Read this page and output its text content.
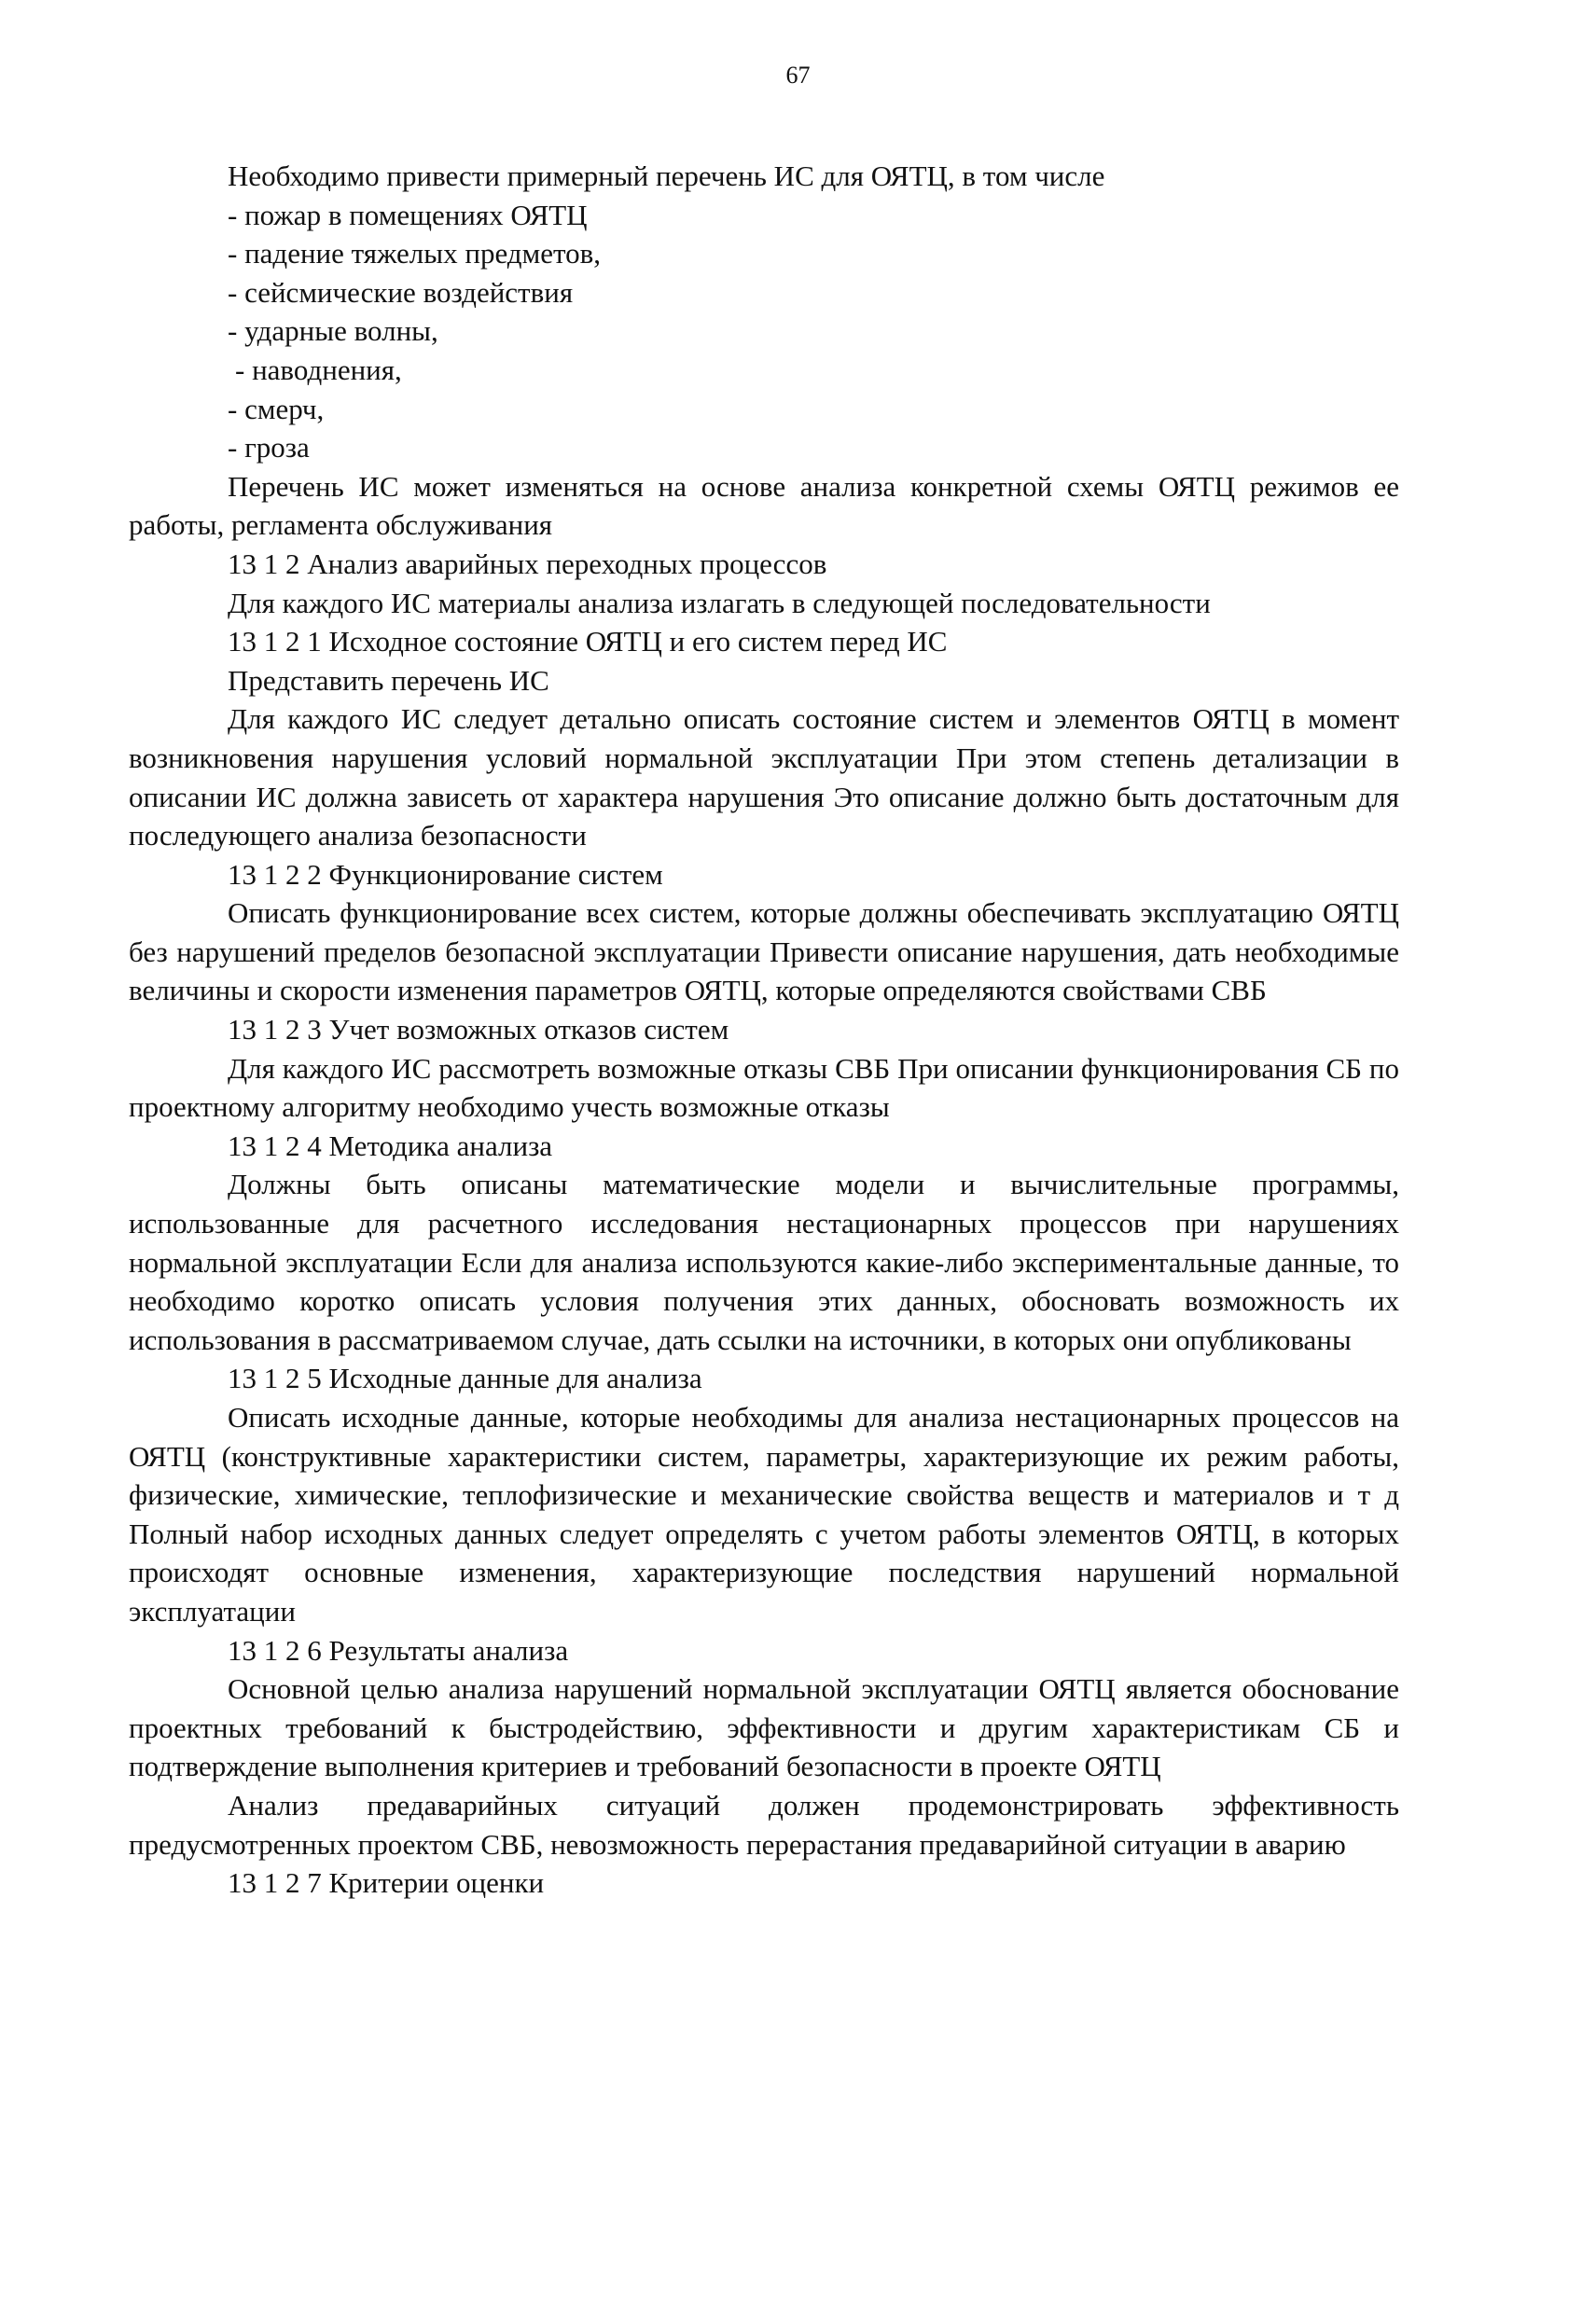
67
Необходимо привести примерный перечень ИС для ОЯТЦ, в том числе
- пожар в помещениях ОЯТЦ
- падение тяжелых предметов,
- сейсмические воздействия
- ударные волны,
- наводнения,
- смерч,
- гроза

Перечень ИС может изменяться на основе анализа конкретной схемы ОЯТЦ режимов ее работы, регламента обслуживания

13 1 2 Анализ аварийных переходных процессов
Для каждого ИС материалы анализа излагать в следующей последовательности
13 1 2 1 Исходное состояние ОЯТЦ и его систем перед ИС
Представить перечень ИС

Для каждого ИС следует детально описать состояние систем и элементов ОЯТЦ в момент возникновения нарушения условий нормальной эксплуатации При этом степень детализации в описании ИС должна зависеть от характера нарушения Это описание должно быть достаточным для последующего анализа безопасности

13 1 2 2 Функционирование систем

Описать функционирование всех систем, которые должны обеспечивать эксплуатацию ОЯТЦ без нарушений пределов безопасной эксплуатации Привести описание нарушения, дать необходимые величины и скорости изменения параметров ОЯТЦ, которые определяются свойствами СВБ

13 1 2 3 Учет возможных отказов систем

Для каждого ИС рассмотреть возможные отказы СВБ При описании функционирования СБ по проектному алгоритму необходимо учесть возможные отказы

13 1 2 4 Методика анализа

Должны быть описаны математические модели и вычислительные программы, использованные для расчетного исследования нестационарных процессов при нарушениях нормальной эксплуатации Если для анализа используются какие-либо экспериментальные данные, то необходимо коротко описать условия получения этих данных, обосновать возможность их использования в рассматриваемом случае, дать ссылки на источники, в которых они опубликованы

13 1 2 5 Исходные данные для анализа

Описать исходные данные, которые необходимы для анализа нестационарных процессов на ОЯТЦ (конструктивные характеристики систем, параметры, характеризующие их режим работы, физические, химические, теплофизические и механические свойства веществ и материалов и т д Полный набор исходных данных следует определять с учетом работы элементов ОЯТЦ, в которых происходят основные изменения, характеризующие последствия нарушений нормальной эксплуатации

13 1 2 6 Результаты анализа

Основной целью анализа нарушений нормальной эксплуатации ОЯТЦ является обоснование проектных требований к быстродействию, эффективности и другим характеристикам СБ и подтверждение выполнения критериев и требований безопасности в проекте ОЯТЦ

Анализ предаварийных ситуаций должен продемонстрировать эффективность предусмотренных проектом СВБ, невозможность перерастания предаварийной ситуации в аварию

13 1 2 7 Критерии оценки
